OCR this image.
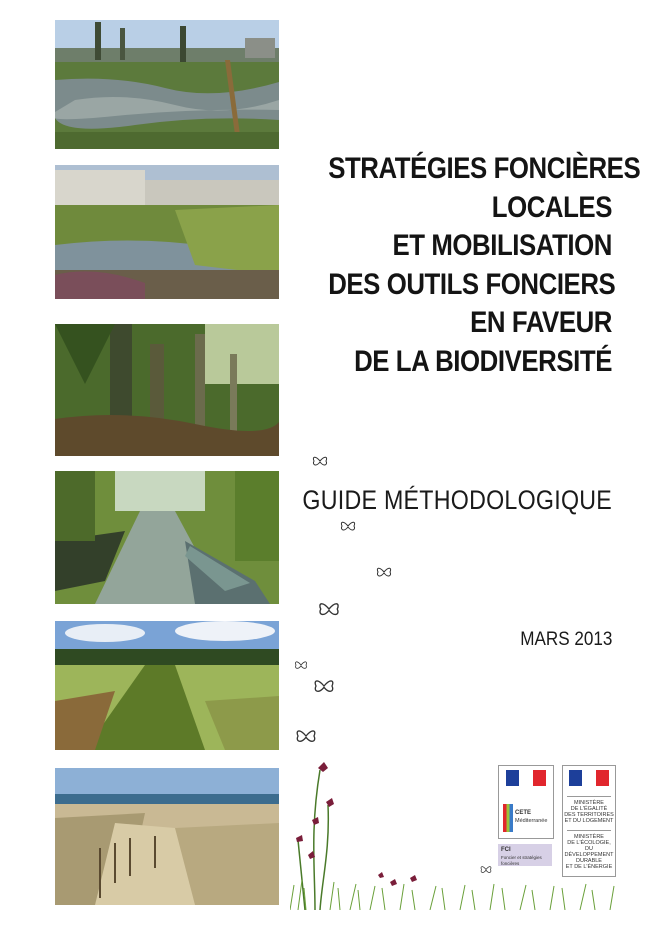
STRATÉGIES FONCIÈRES
LOCALES
ET MOBILISATION
DES OUTILS FONCIERS
EN FAVEUR
DE LA BIODIVERSITÉ
GUIDE MÉTHODOLOGIQUE
MARS 2013
CETE
Méditerranée
FCI
Foncier et stratégies foncières
MINISTÈRE
DE L'ÉGALITÉ
DES TERRITOIRES
ET DU LOGEMENT
MINISTÈRE
DE L'ÉCOLOGIE,
DU DÉVELOPPEMENT
DURABLE
ET DE L'ÉNERGIE
